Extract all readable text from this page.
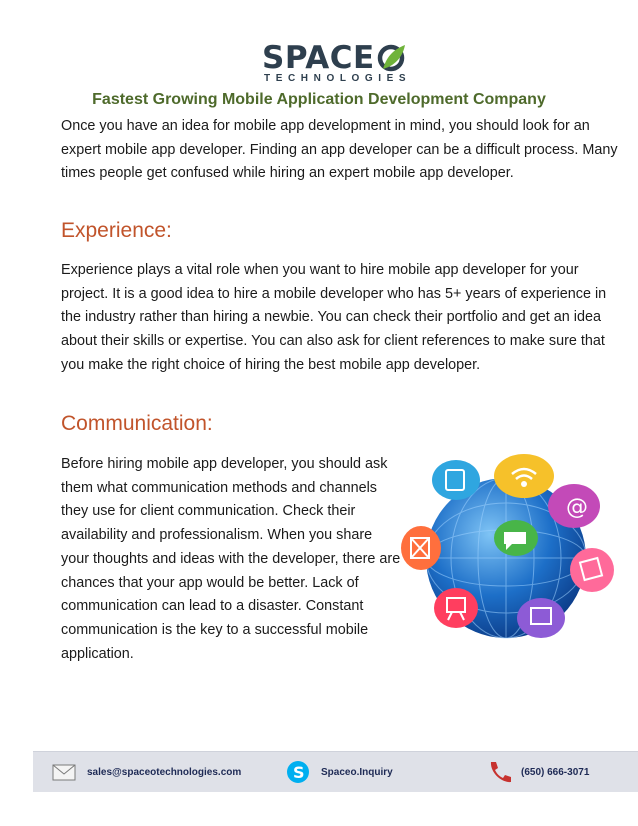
SPACE
TECHNOLOGIES
Fastest Growing Mobile Application Development Company

Once you have an idea for mobile app development in mind, you should look for an expert mobile app developer. Finding an app developer can be a difficult process. Many times people get confused while hiring an expert mobile app developer.

Experience:

Experience plays a vital role when you want to hire mobile app developer for your project. It is a good idea to hire a mobile developer who has 5+ years of experience in the industry rather than hiring a newbie. You can check their portfolio and get an idea about their skills or expertise. You can also ask for client references to make sure that you make the right choice of hiring the best mobile app developer.

Communication:

Before hiring mobile app developer, you should ask them what communication methods and channels they use for client communication. Check their availability and professionalism. When you share your thoughts and ideas with the developer, there are chances that your app would be better. Lack of communication can lead to a disaster. Constant communication is the key to a successful mobile application.

@
sales@spaceotechnologies.com	S Spaceo.Inquiry	(650) 666-3071
